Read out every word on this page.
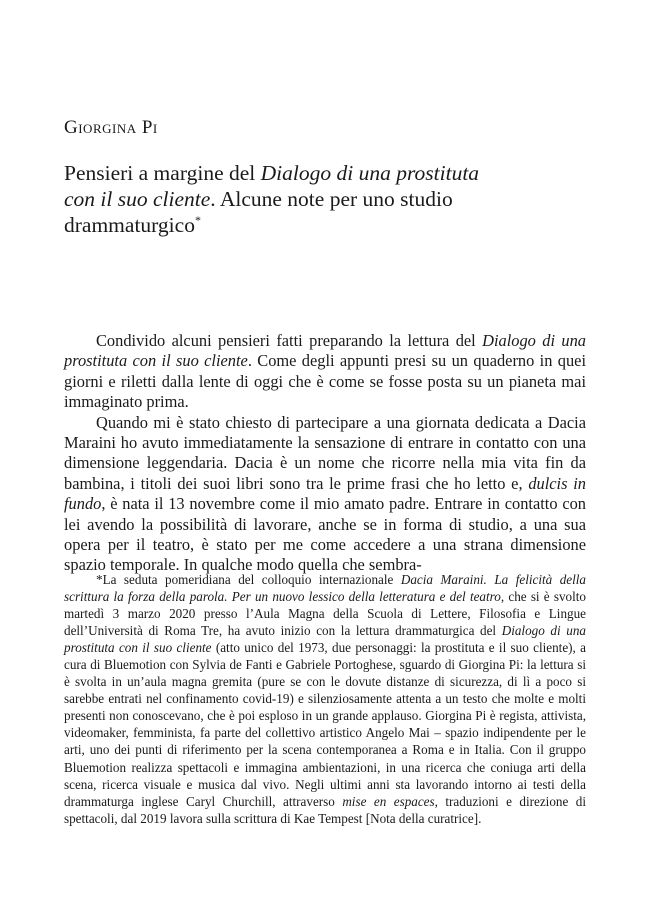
Giorgina Pi
Pensieri a margine del Dialogo di una prostituta
con il suo cliente. Alcune note per uno studio drammaturgico*

Condivido alcuni pensieri fatti preparando la lettura del Dialogo di una prostituta con il suo cliente. Come degli appunti presi su un quaderno in quei giorni e riletti dalla lente di oggi che è come se fosse posta su un pianeta mai immaginato prima.

Quando mi è stato chiesto di partecipare a una giornata dedicata a Dacia Maraini ho avuto immediatamente la sensazione di entrare in contatto con una dimensione leggendaria. Dacia è un nome che ricorre nella mia vita fin da bambina, i titoli dei suoi libri sono tra le prime frasi che ho letto e, dulcis in fundo, è nata il 13 novembre come il mio amato padre. Entrare in contatto con lei avendo la possibilità di lavorare, anche se in forma di studio, a una sua opera per il teatro, è stato per me come accedere a una strana dimensione spazio temporale. In qualche modo quella che sembra-

*La seduta pomeridiana del colloquio internazionale Dacia Maraini. La felicità della scrittura la forza della parola. Per un nuovo lessico della letteratura e del teatro, che si è svolto martedì 3 marzo 2020 presso l’Aula Magna della Scuola di Lettere, Filosofia e Lingue dell’Università di Roma Tre, ha avuto inizio con la lettura drammaturgica del Dialogo di una prostituta con il suo cliente (atto unico del 1973, due personaggi: la prostituta e il suo cliente), a cura di Bluemotion con Sylvia de Fanti e Gabriele Portoghese, sguardo di Giorgina Pi: la lettura si è svolta in un’aula magna gremita (pure se con le dovute distanze di sicurezza, di lì a poco si sarebbe entrati nel confinamento covid-19) e silenziosamente attenta a un testo che molte e molti presenti non conoscevano, che è poi esploso in un grande applauso. Giorgina Pi è regista, attivista, videomaker, femminista, fa parte del collettivo artistico Angelo Mai – spazio indipendente per le arti, uno dei punti di riferimento per la scena contemporanea a Roma e in Italia. Con il gruppo Bluemotion realizza spettacoli e immagina ambientazioni, in una ricerca che coniuga arti della scena, ricerca visuale e musica dal vivo. Negli ultimi anni sta lavorando intorno ai testi della drammaturga inglese Caryl Churchill, attraverso mise en espaces, traduzioni e direzione di spettacoli, dal 2019 lavora sulla scrittura di Kae Tempest [Nota della curatrice].
